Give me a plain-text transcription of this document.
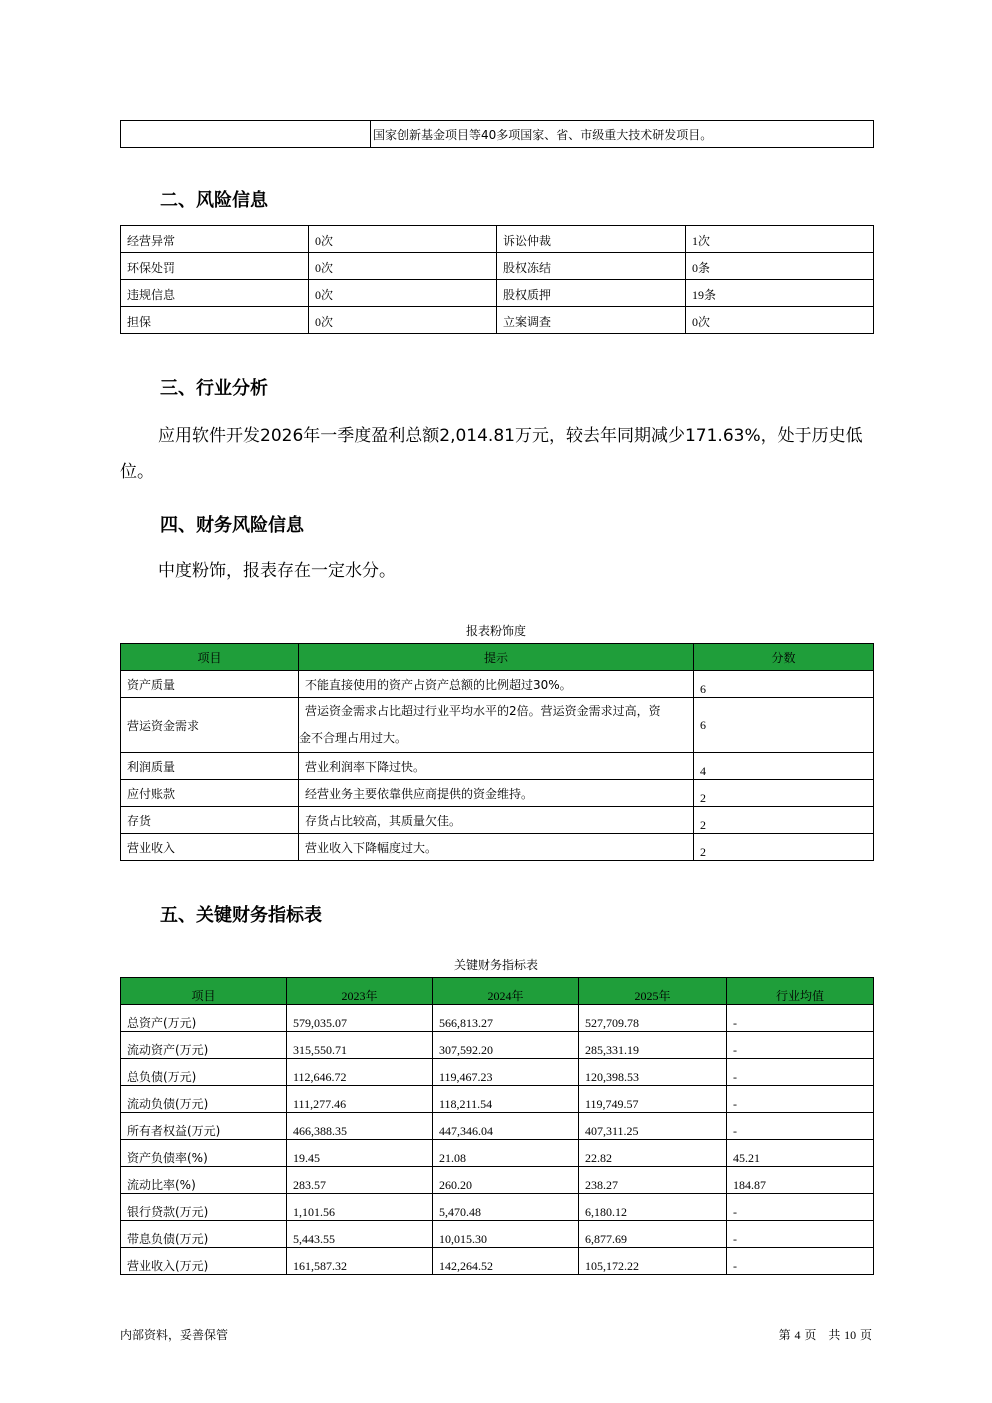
	国家创新基金项目等40多项国家、省、市级重大技术研发项目。
二、风险信息
经营异常	0次	诉讼仲裁	1次
环保处罚	0次	股权冻结	0条
违规信息	0次	股权质押	19条
担保	0次	立案调查	0次
三、行业分析
应用软件开发2026年一季度盈利总额2,014.81万元，较去年同期减少171.63%，处于历史低
位。
四、财务风险信息
中度粉饰，报表存在一定水分。
报表粉饰度
项目	提示	分数
资产质量	不能直接使用的资产占资产总额的比例超过30%。	6
营运资金需求	营运资金需求占比超过行业平均水平的2倍。营运资金需求过高，资
金不合理占用过大。	6
利润质量	营业利润率下降过快。	4
应付账款	经营业务主要依靠供应商提供的资金维持。	2
存货	存货占比较高，其质量欠佳。	2
营业收入	营业收入下降幅度过大。	2
五、关键财务指标表
关键财务指标表
项目	2023年	2024年	2025年	行业均值
总资产(万元)	579,035.07	566,813.27	527,709.78	-
流动资产(万元)	315,550.71	307,592.20	285,331.19	-
总负债(万元)	112,646.72	119,467.23	120,398.53	-
流动负债(万元)	111,277.46	118,211.54	119,749.57	-
所有者权益(万元)	466,388.35	447,346.04	407,311.25	-
资产负债率(%)	19.45	21.08	22.82	45.21
流动比率(%)	283.57	260.20	238.27	184.87
银行贷款(万元)	1,101.56	5,470.48	6,180.12	-
带息负债(万元)	5,443.55	10,015.30	6,877.69	-
营业收入(万元)	161,587.32	142,264.52	105,172.22	-
内部资料，妥善保管	第 4 页　共 10 页
